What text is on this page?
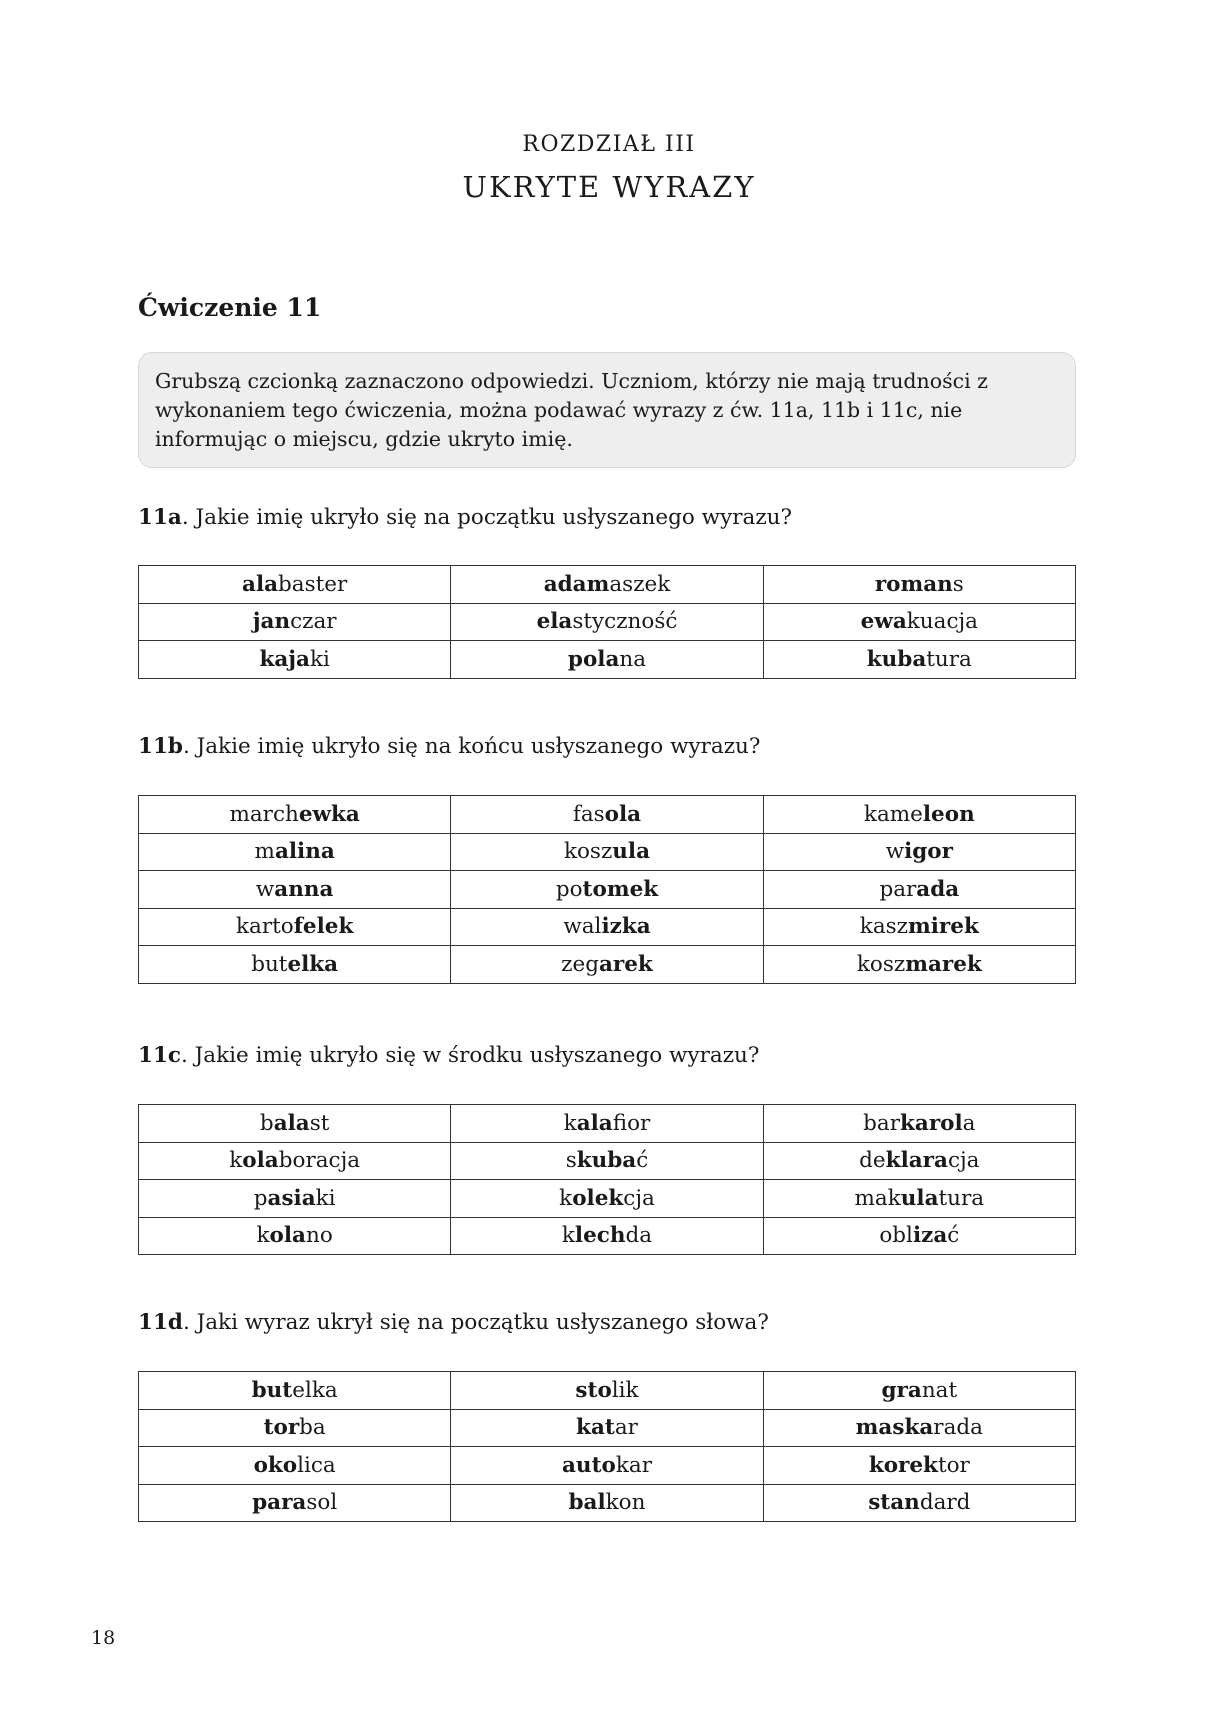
ROZDZIAŁ III
UKRYTE WYRAZY
Ćwiczenie 11
Grubszą czcionką zaznaczono odpowiedzi. Uczniom, którzy nie mają trudności z wykonaniem tego ćwiczenia, można podawać wyrazy z ćw. 11a, 11b i 11c, nie informując o miejscu, gdzie ukryto imię.
11a. Jakie imię ukryło się na początku usłyszanego wyrazu?
alabaster	adamaszek	romans
janczar	elastyczność	ewakuacja
kajaki	polana	kubatura
11b. Jakie imię ukryło się na końcu usłyszanego wyrazu?
marchewka	fasola	kameleon
malina	koszula	wigor
wanna	potomek	parada
kartofelek	walizka	kaszmirek
butelka	zegarek	koszmarek
11c. Jakie imię ukryło się w środku usłyszanego wyrazu?
balast	kalafior	barkarola
kolaboracja	skubać	deklaracja
pasiaki	kolekcja	makulatura
kolano	klechda	oblizać
11d. Jaki wyraz ukrył się na początku usłyszanego słowa?
butelka	stolik	granat
torba	katar	maskarada
okolica	autokar	korektor
parasol	balkon	standard
18
